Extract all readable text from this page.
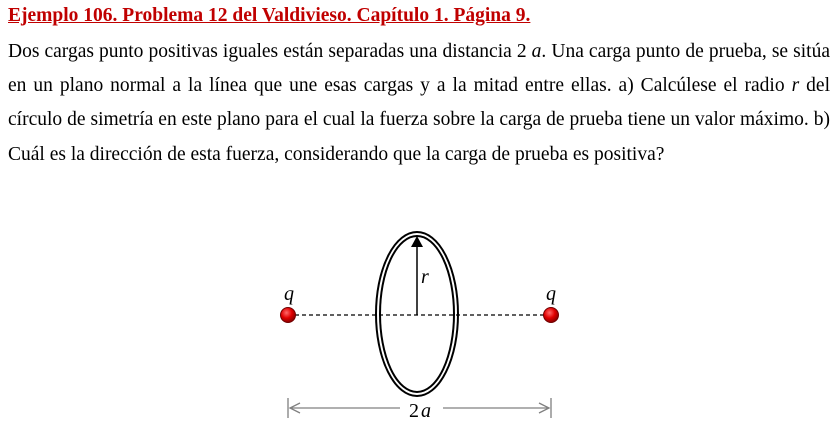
Ejemplo 106. Problema 12 del Valdivieso. Capítulo 1. Página 9.

Dos cargas punto positivas iguales están separadas una distancia 2 a. Una carga punto de prueba, se sitúa en un plano normal a la línea que une esas cargas y a la mitad entre ellas. a) Calcúlese el radio r del círculo de simetría en este plano para el cual la fuerza sobre la carga de prueba tiene un valor máximo. b) Cuál es la dirección de esta fuerza, considerando que la carga de prueba es positiva?

q	q
r
2 a
